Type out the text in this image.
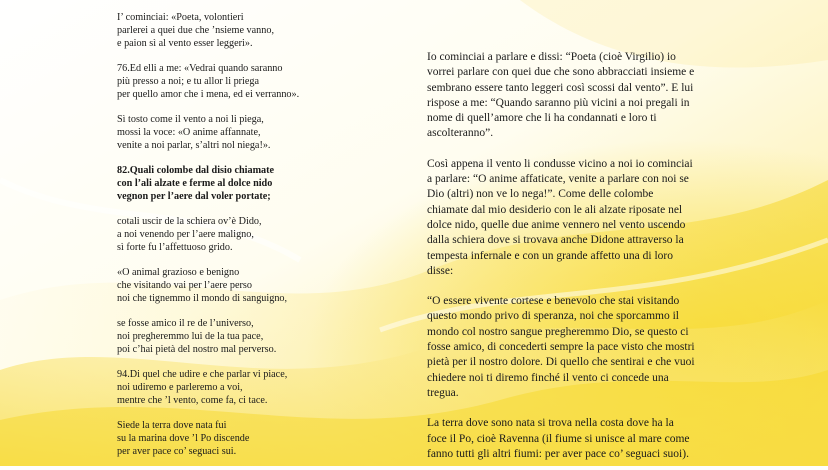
I’ cominciai: «Poeta, volontieri
parlerei a quei due che ’nsieme vanno,
e paion sì al vento esser leggeri».

76.Ed elli a me: «Vedrai quando saranno
più presso a noi; e tu allor li priega
per quello amor che i mena, ed ei verranno».

Sì tosto come il vento a noi li piega,
mossi la voce: «O anime affannate,
venite a noi parlar, s’altri nol niega!».

82.Quali colombe dal disio chiamate
con l’ali alzate e ferme al dolce nido
vegnon per l’aere dal voler portate;

cotali uscir de la schiera ov’è Dido,
a noi venendo per l’aere maligno,
sì forte fu l’affettuoso grido.

«O animal grazioso e benigno
che visitando vai per l’aere perso
noi che tignemmo il mondo di sanguigno,

se fosse amico il re de l’universo,
noi pregheremmo lui de la tua pace,
poi c’hai pietà del nostro mal perverso.

94.Di quel che udire e che parlar vi piace,
noi udiremo e parleremo a voi,
mentre che ’l vento, come fa, ci tace.

Siede la terra dove nata fui
su la marina dove ’l Po discende
per aver pace co’ seguaci sui.

Io cominciai a parlare e dissi: “Poeta (cioè Virgilio) io
vorrei parlare con quei due che sono abbracciati insieme e
sembrano essere tanto leggeri così scossi dal vento”. E lui
rispose a me: “Quando saranno più vicini a noi pregali in
nome di quell’amore che li ha condannati e loro ti
ascolteranno”.

Così appena il vento li condusse vicino a noi io cominciai
a parlare: “O anime affaticate, venite a parlare con noi se
Dio (altri) non ve lo nega!”. Come delle colombe
chiamate dal mio desiderio con le ali alzate riposate nel
dolce nido, quelle due anime vennero nel vento uscendo
dalla schiera dove si trovava anche Didone attraverso la
tempesta infernale e con un grande affetto una di loro
disse:

“O essere vivente cortese e benevolo che stai visitando
questo mondo privo di speranza, noi che sporcammo il
mondo col nostro sangue pregheremmo Dio, se questo ci
fosse amico, di concederti sempre la pace visto che mostri
pietà per il nostro dolore. Di quello che sentirai e che vuoi
chiedere noi ti diremo finché il vento ci concede una
tregua.

La terra dove sono nata si trova nella costa dove ha la
foce il Po, cioè Ravenna (il fiume si unisce al mare come
fanno tutti gli altri fiumi: per aver pace co’ seguaci suoi).
